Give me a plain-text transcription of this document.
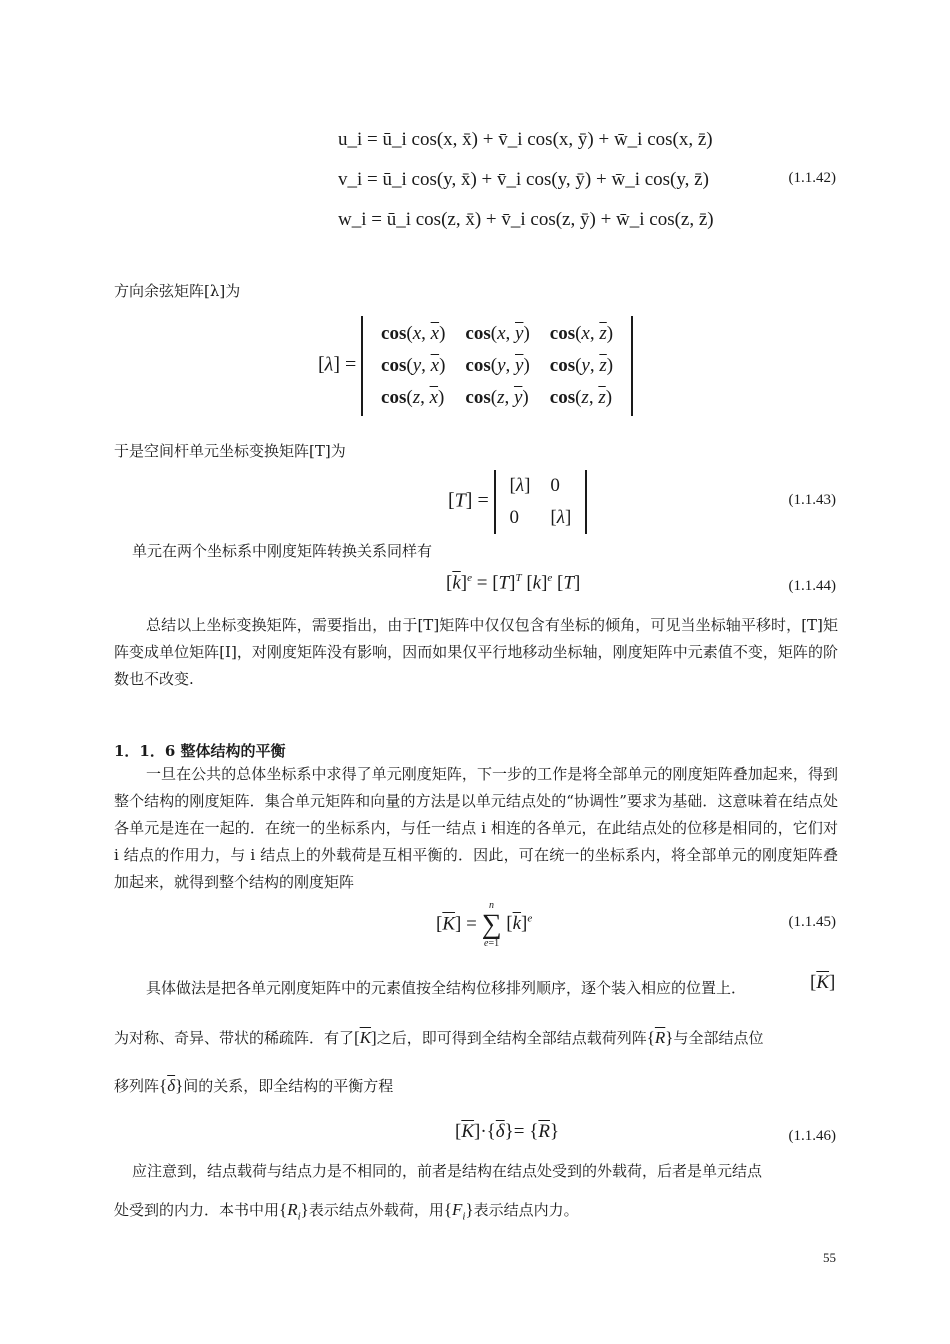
u_i = ū_i cos(x, x̄) + v̄_i cos(x, ȳ) + w̄_i cos(x, z̄)
v_i = ū_i cos(y, x̄) + v̄_i cos(y, ȳ) + w̄_i cos(y, z̄)
w_i = ū_i cos(z, x̄) + v̄_i cos(z, ȳ) + w̄_i cos(z, z̄)
(1.1.42)
方向余弦矩阵[λ]为
[λ] =
cos(x, $\overline{x}$)	cos(x, $\overline{y}$)	cos(x, $\overline{z}$)
cos(y, $\overline{x}$)	cos(y, $\overline{y}$)	cos(y, $\overline{z}$)
cos(z, $\overline{x}$)	cos(z, $\overline{y}$)	cos(z, $\overline{z}$)
于是空间杆单元坐标变换矩阵[T]为
[T] =
[λ]	0
0	[λ]
(1.1.43)
单元在两个坐标系中刚度矩阵转换关系同样有
$[\overline{k}]^e = [T]^T$ $[k]^e$ [T]	(1.1.44)
总结以上坐标变换矩阵，需要指出，由于[T]矩阵中仅仅包含有坐标的倾角，可见当坐标轴平移时，[T]矩阵变成单位矩阵[I]，对刚度矩阵没有影响，因而如果仅平行地移动坐标轴，刚度矩阵中元素值不变，矩阵的阶数也不改变.
1．1．6 整体结构的平衡
一旦在公共的总体坐标系中求得了单元刚度矩阵，下一步的工作是将全部单元的刚度矩阵叠加起来，得到整个结构的刚度矩阵．集合单元矩阵和向量的方法是以单元结点处的“协调性”要求为基础．这意味着在结点处各单元是连在一起的．在统一的坐标系内，与任一结点 i 相连的各单元，在此结点处的位移是相同的，它们对 i 结点的作用力，与 i 结点上的外载荷是互相平衡的．因此，可在统一的坐标系内，将全部单元的刚度矩阵叠加起来，就得到整个结构的刚度矩阵
$[\overline{K}]$ =
n
∑
e=1
$[\overline{k}]^e$	(1.1.45)
具体做法是把各单元刚度矩阵中的元素值按全结构位移排列顺序，逐个装入相应的位置上．	$[\overline{K}]$
为对称、奇异、带状的稀疏阵．有了$[\overline{K}]$之后，即可得到全结构全部结点载荷列阵$\{\overline{R}\}$与全部结点位
移列阵$\{\overline{\delta}\}$间的关系，即全结构的平衡方程
$[\overline{K}]\cdot\{\overline{\delta}\}= \{\overline{R}\}$	(1.1.46)
应注意到，结点载荷与结点力是不相同的，前者是结构在结点处受到的外载荷，后者是单元结点
处受到的内力．本书中用$\{R_i\}$表示结点外载荷，用$\{F_i\}$表示结点内力。
55
